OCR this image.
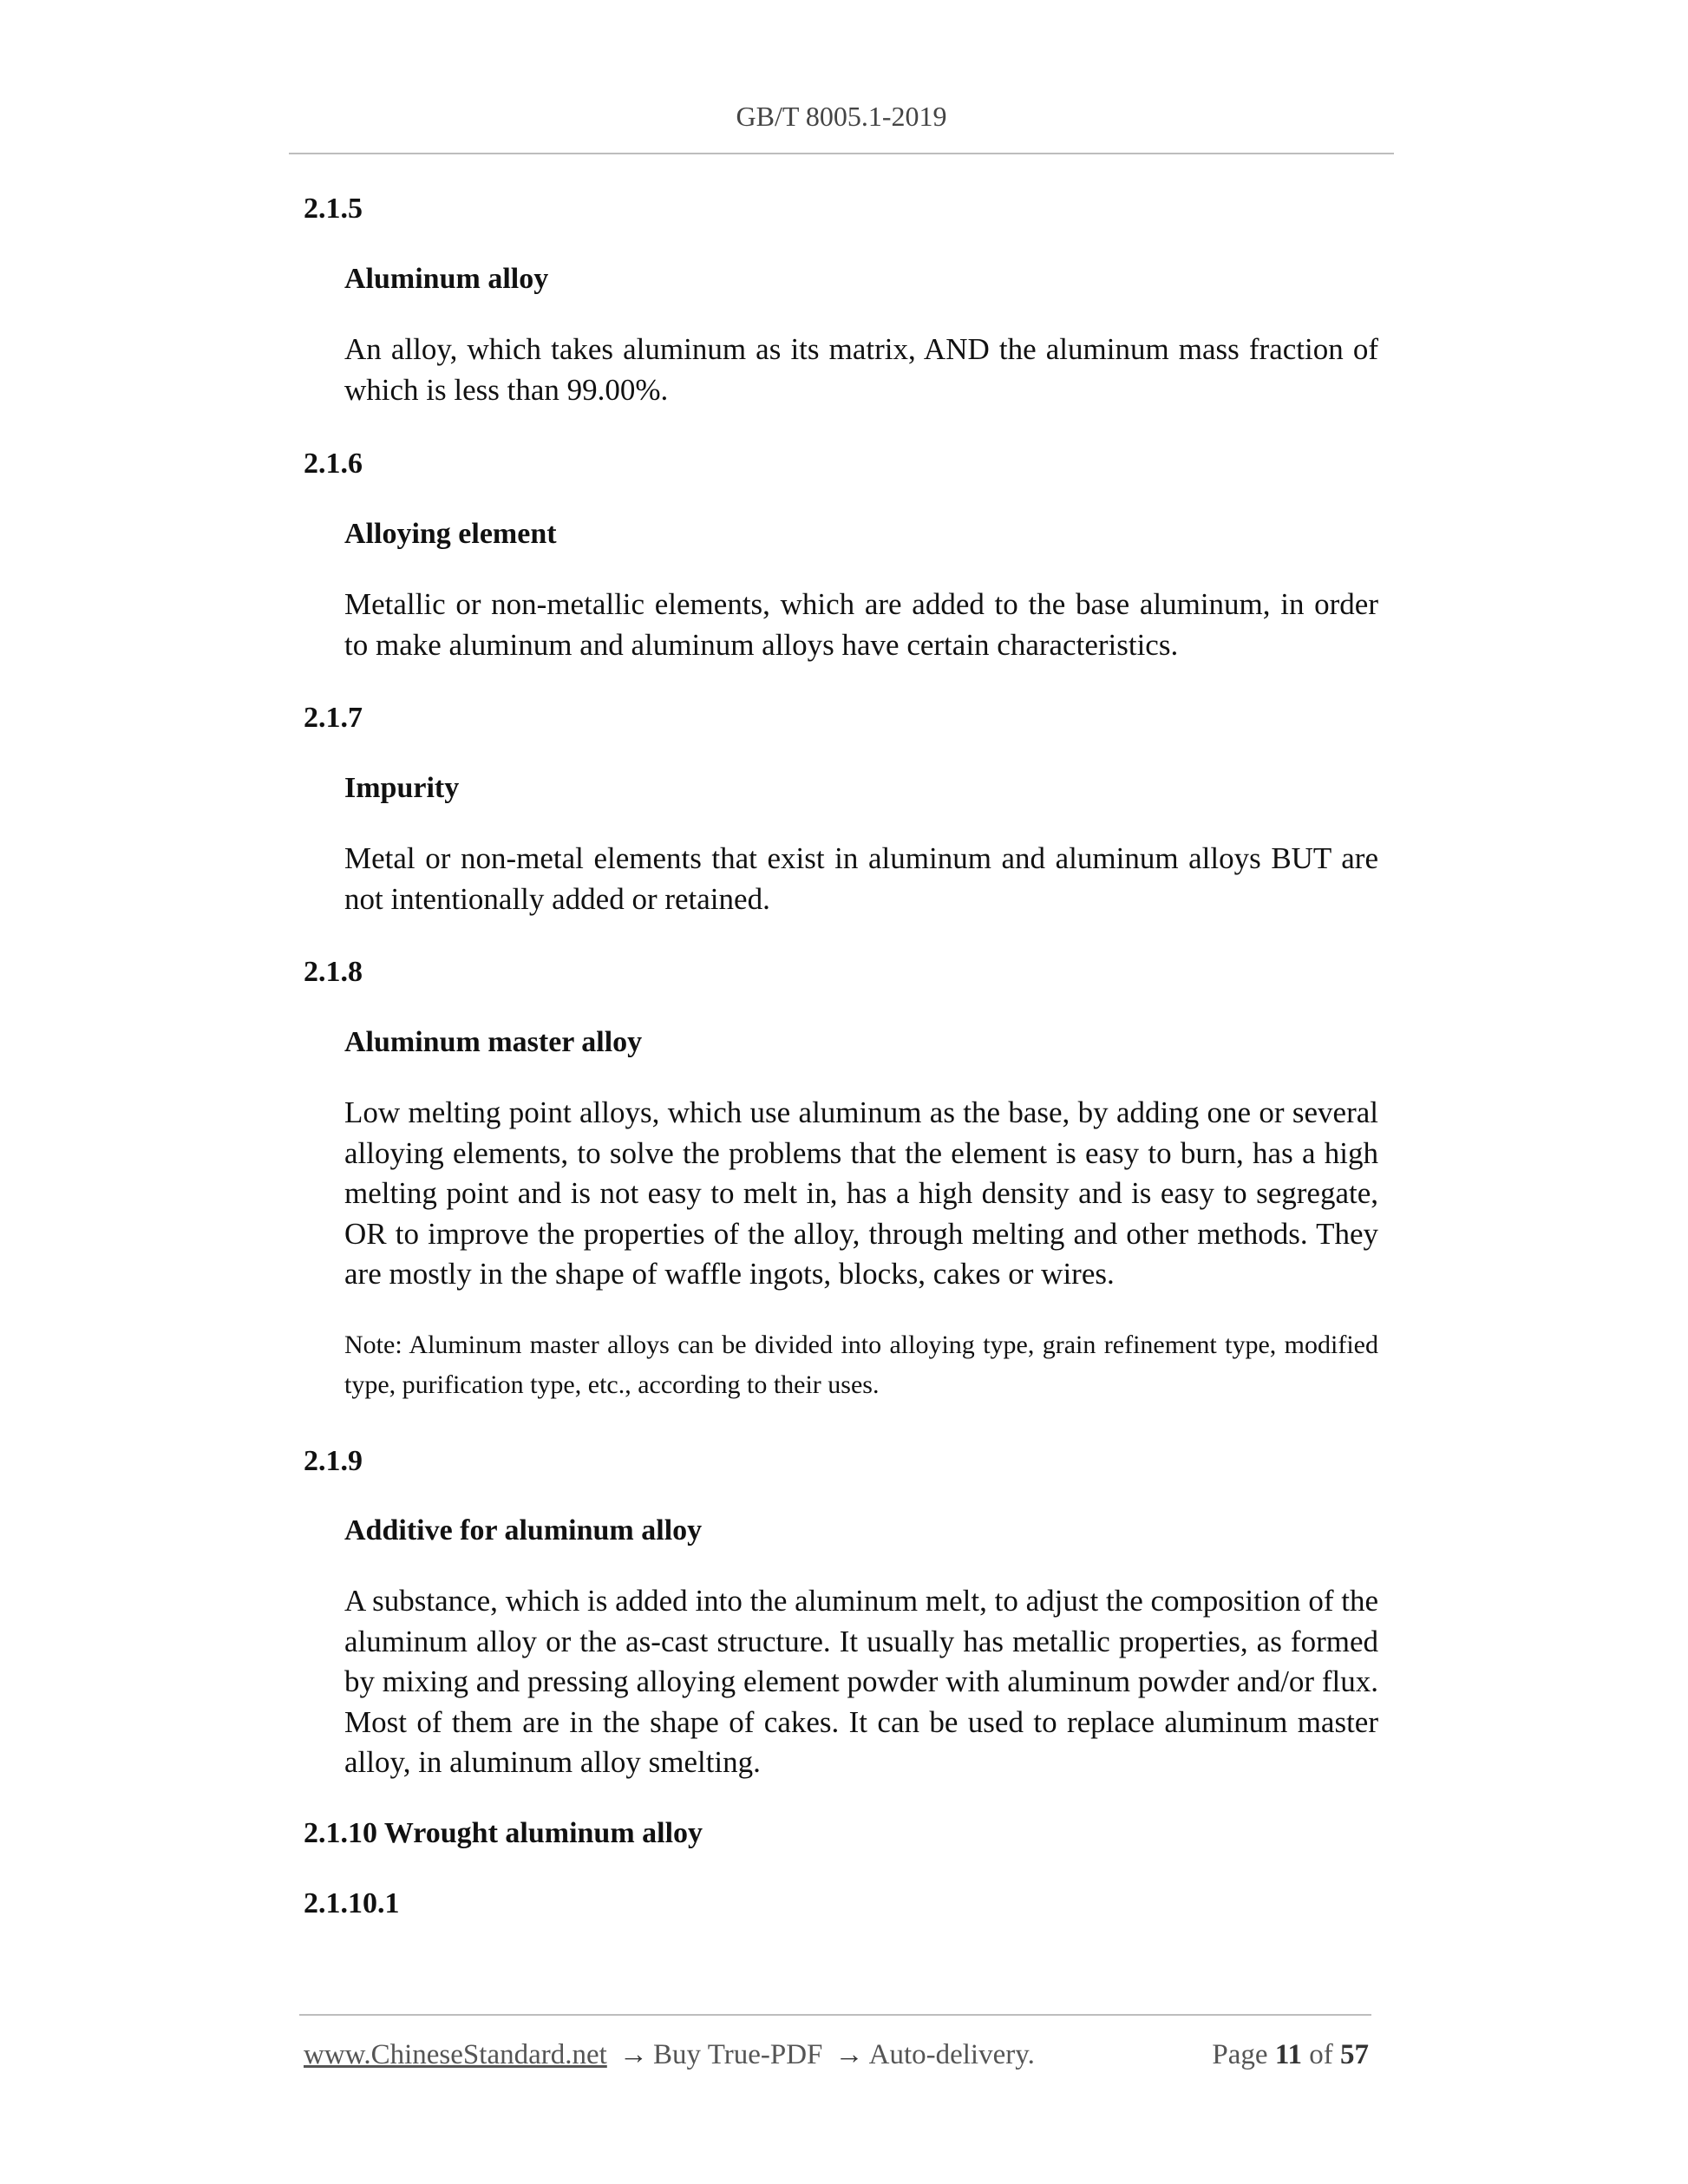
GB/T 8005.1-2019
2.1.5
Aluminum alloy

An alloy, which takes aluminum as its matrix, AND the aluminum mass fraction of which is less than 99.00%.

2.1.6
Alloying element

Metallic or non-metallic elements, which are added to the base aluminum, in order to make aluminum and aluminum alloys have certain characteristics.

2.1.7
Impurity

Metal or non-metal elements that exist in aluminum and aluminum alloys BUT are not intentionally added or retained.

2.1.8
Aluminum master alloy

Low melting point alloys, which use aluminum as the base, by adding one or several alloying elements, to solve the problems that the element is easy to burn, has a high melting point and is not easy to melt in, has a high density and is easy to segregate, OR to improve the properties of the alloy, through melting and other methods. They are mostly in the shape of waffle ingots, blocks, cakes or wires.

Note: Aluminum master alloys can be divided into alloying type, grain refinement type, modified type, purification type, etc., according to their uses.

2.1.9
Additive for aluminum alloy

A substance, which is added into the aluminum melt, to adjust the composition of the aluminum alloy or the as-cast structure. It usually has metallic properties, as formed by mixing and pressing alloying element powder with aluminum powder and/or flux. Most of them are in the shape of cakes. It can be used to replace aluminum master alloy, in aluminum alloy smelting.

2.1.10 Wrought aluminum alloy
2.1.10.1
www.ChineseStandard.net → Buy True-PDF → Auto-delivery.	Page 11 of 57
